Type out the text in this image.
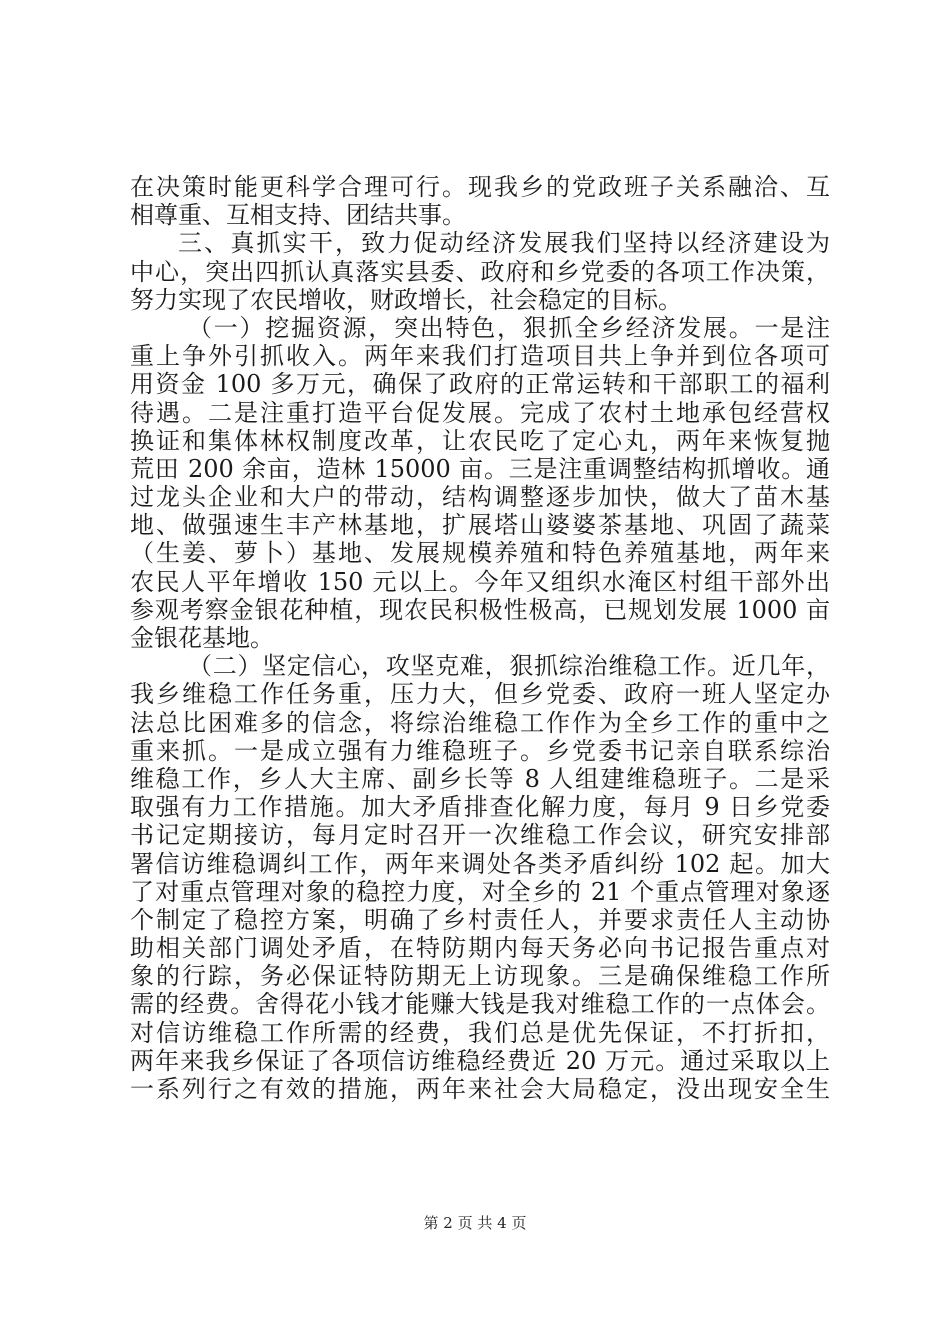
在决策时能更科学合理可行。现我乡的党政班子关系融洽、互
相尊重、互相支持、团结共事。
三、真抓实干，致力促动经济发展我们坚持以经济建设为
中心，突出四抓认真落实县委、政府和乡党委的各项工作决策，
努力实现了农民增收，财政增长，社会稳定的目标。
（一）挖掘资源，突出特色，狠抓全乡经济发展。一是注
重上争外引抓收入。两年来我们打造项目共上争并到位各项可
用资金 100 多万元，确保了政府的正常运转和干部职工的福利
待遇。二是注重打造平台促发展。完成了农村土地承包经营权
换证和集体林权制度改革，让农民吃了定心丸，两年来恢复抛
荒田 200 余亩，造林 15000 亩。三是注重调整结构抓增收。通
过龙头企业和大户的带动，结构调整逐步加快，做大了苗木基
地、做强速生丰产林基地，扩展塔山婆婆茶基地、巩固了蔬菜
（生姜、萝卜）基地、发展规模养殖和特色养殖基地，两年来
农民人平年增收 150 元以上。今年又组织水淹区村组干部外出
参观考察金银花种植，现农民积极性极高，已规划发展 1000 亩
金银花基地。
（二）坚定信心，攻坚克难，狠抓综治维稳工作。近几年，
我乡维稳工作任务重，压力大，但乡党委、政府一班人坚定办
法总比困难多的信念，将综治维稳工作作为全乡工作的重中之
重来抓。一是成立强有力维稳班子。乡党委书记亲自联系综治
维稳工作，乡人大主席、副乡长等 8 人组建维稳班子。二是采
取强有力工作措施。加大矛盾排查化解力度，每月 9 日乡党委
书记定期接访，每月定时召开一次维稳工作会议，研究安排部
署信访维稳调纠工作，两年来调处各类矛盾纠纷 102 起。加大
了对重点管理对象的稳控力度，对全乡的 21 个重点管理对象逐
个制定了稳控方案，明确了乡村责任人，并要求责任人主动协
助相关部门调处矛盾，在特防期内每天务必向书记报告重点对
象的行踪，务必保证特防期无上访现象。三是确保维稳工作所
需的经费。舍得花小钱才能赚大钱是我对维稳工作的一点体会。
对信访维稳工作所需的经费，我们总是优先保证，不打折扣，
两年来我乡保证了各项信访维稳经费近 20 万元。通过采取以上
一系列行之有效的措施，两年来社会大局稳定，没出现安全生
第 2 页 共 4 页
